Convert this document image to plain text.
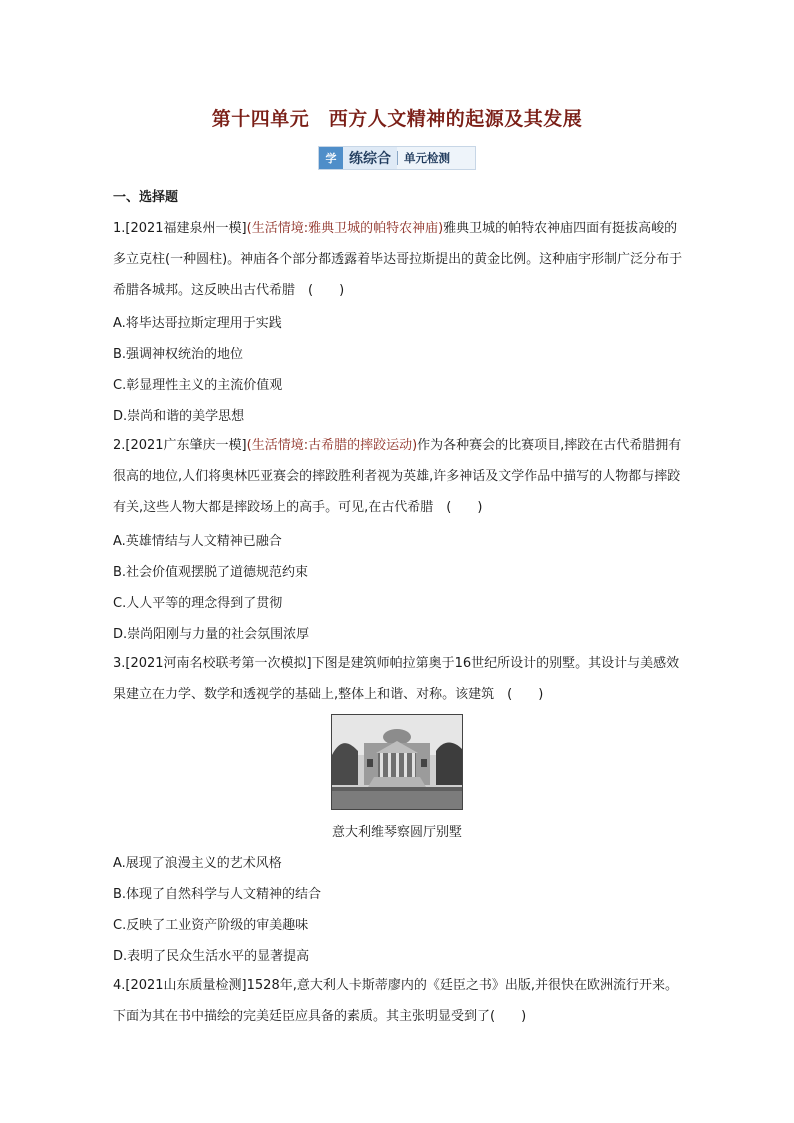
第十四单元　西方人文精神的起源及其发展
学 练综合	单元检测
一、选择题
1.[2021福建泉州一模](生活情境:雅典卫城的帕特农神庙)雅典卫城的帕特农神庙四面有挺拔高峻的多立克柱(一种圆柱)。神庙各个部分都透露着毕达哥拉斯提出的黄金比例。这种庙宇形制广泛分布于希腊各城邦。这反映出古代希腊　(　　)
A.将毕达哥拉斯定理用于实践
B.强调神权统治的地位
C.彰显理性主义的主流价值观
D.崇尚和谐的美学思想
2.[2021广东肇庆一模](生活情境:古希腊的摔跤运动)作为各种赛会的比赛项目,摔跤在古代希腊拥有很高的地位,人们将奥林匹亚赛会的摔跤胜利者视为英雄,许多神话及文学作品中描写的人物都与摔跤有关,这些人物大都是摔跤场上的高手。可见,在古代希腊　(　　)
A.英雄情结与人文精神已融合
B.社会价值观摆脱了道德规范约束
C.人人平等的理念得到了贯彻
D.崇尚阳刚与力量的社会氛围浓厚
3.[2021河南名校联考第一次模拟]下图是建筑师帕拉第奥于16世纪所设计的别墅。其设计与美感效果建立在力学、数学和透视学的基础上,整体上和谐、对称。该建筑　(　　)
意大利维琴察圆厅别墅
A.展现了浪漫主义的艺术风格
B.体现了自然科学与人文精神的结合
C.反映了工业资产阶级的审美趣味
D.表明了民众生活水平的显著提高
4.[2021山东质量检测]1528年,意大利人卡斯蒂廖内的《廷臣之书》出版,并很快在欧洲流行开来。下面为其在书中描绘的完美廷臣应具备的素质。其主张明显受到了(　　)
